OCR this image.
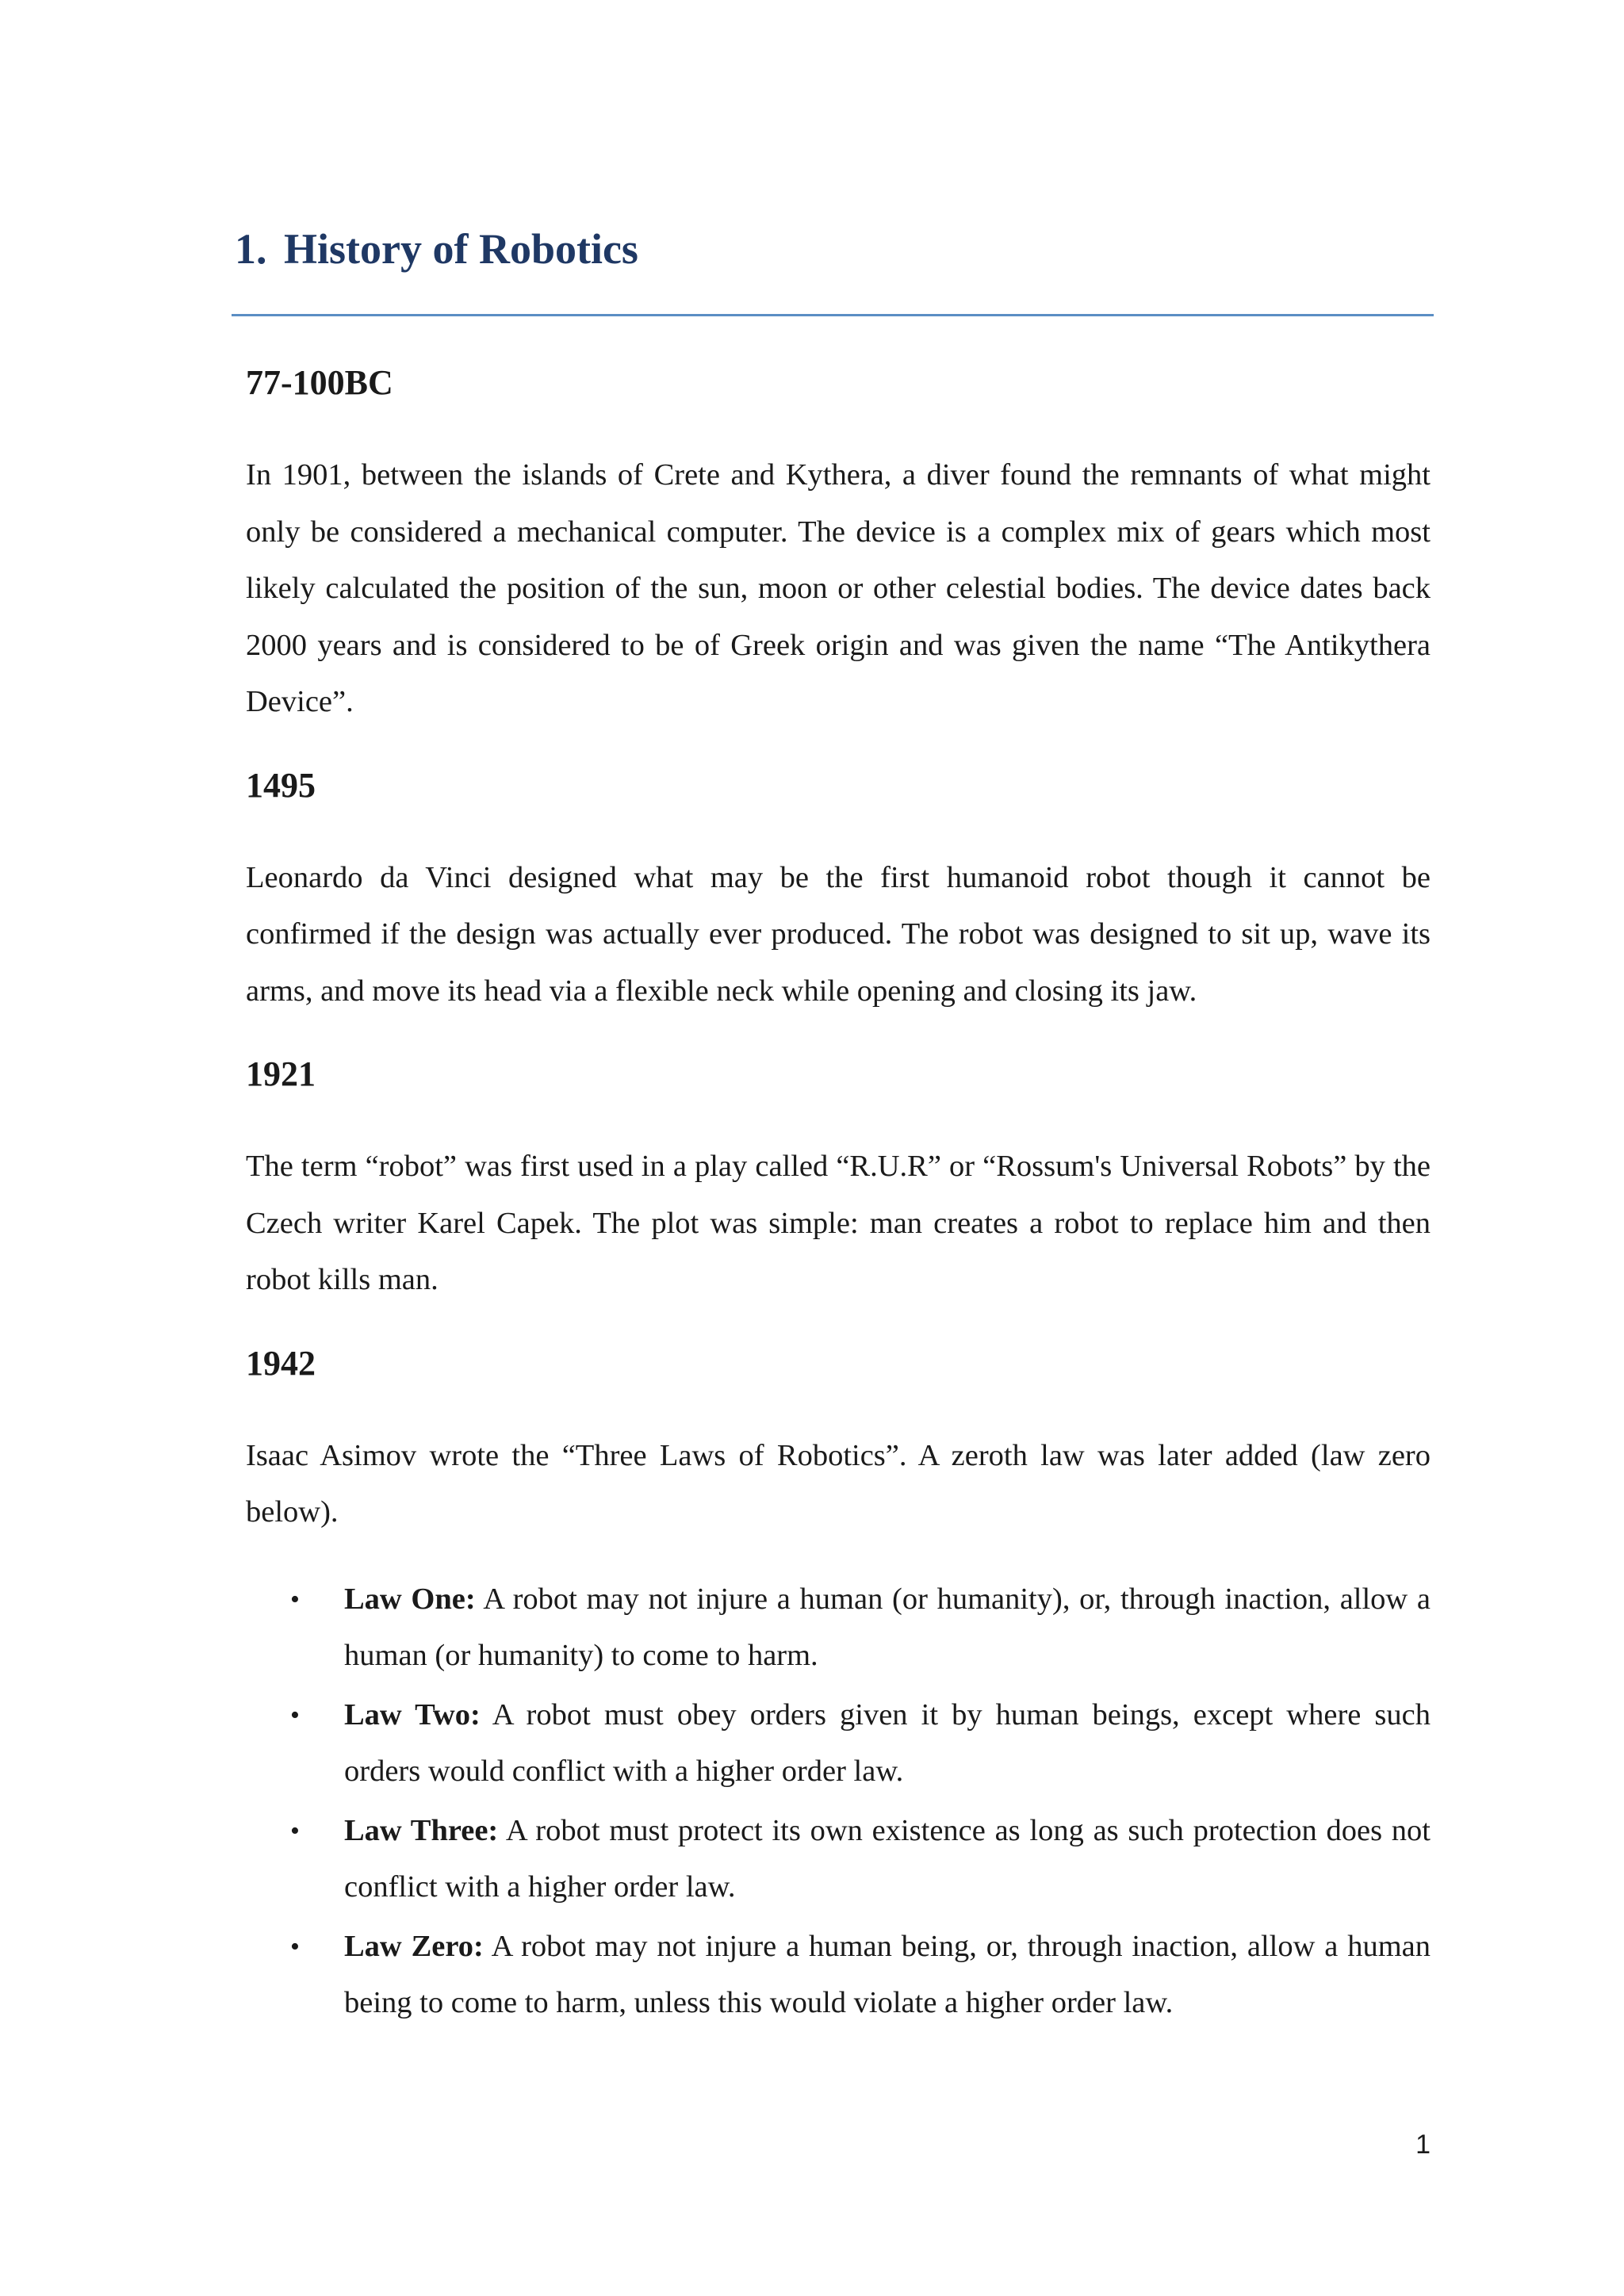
1. History of Robotics
77-100BC

In 1901, between the islands of Crete and Kythera, a diver found the remnants of what might only be considered a mechanical computer. The device is a complex mix of gears which most likely calculated the position of the sun, moon or other celestial bodies. The device dates back 2000 years and is considered to be of Greek origin and was given the name “The Antikythera Device”.

1495

Leonardo da Vinci designed what may be the first humanoid robot though it cannot be confirmed if the design was actually ever produced. The robot was designed to sit up, wave its arms, and move its head via a flexible neck while opening and closing its jaw.

1921

The term “robot” was first used in a play called “R.U.R” or “Rossum's Universal Robots” by the Czech writer Karel Capek. The plot was simple: man creates a robot to replace him and then robot kills man.

1942

Isaac Asimov wrote the “Three Laws of Robotics”. A zeroth law was later added (law zero below).

• Law One: A robot may not injure a human (or humanity), or, through inaction, allow a human (or humanity) to come to harm.
• Law Two: A robot must obey orders given it by human beings, except where such orders would conflict with a higher order law.
• Law Three: A robot must protect its own existence as long as such protection does not conflict with a higher order law.
• Law Zero: A robot may not injure a human being, or, through inaction, allow a human being to come to harm, unless this would violate a higher order law.
1
